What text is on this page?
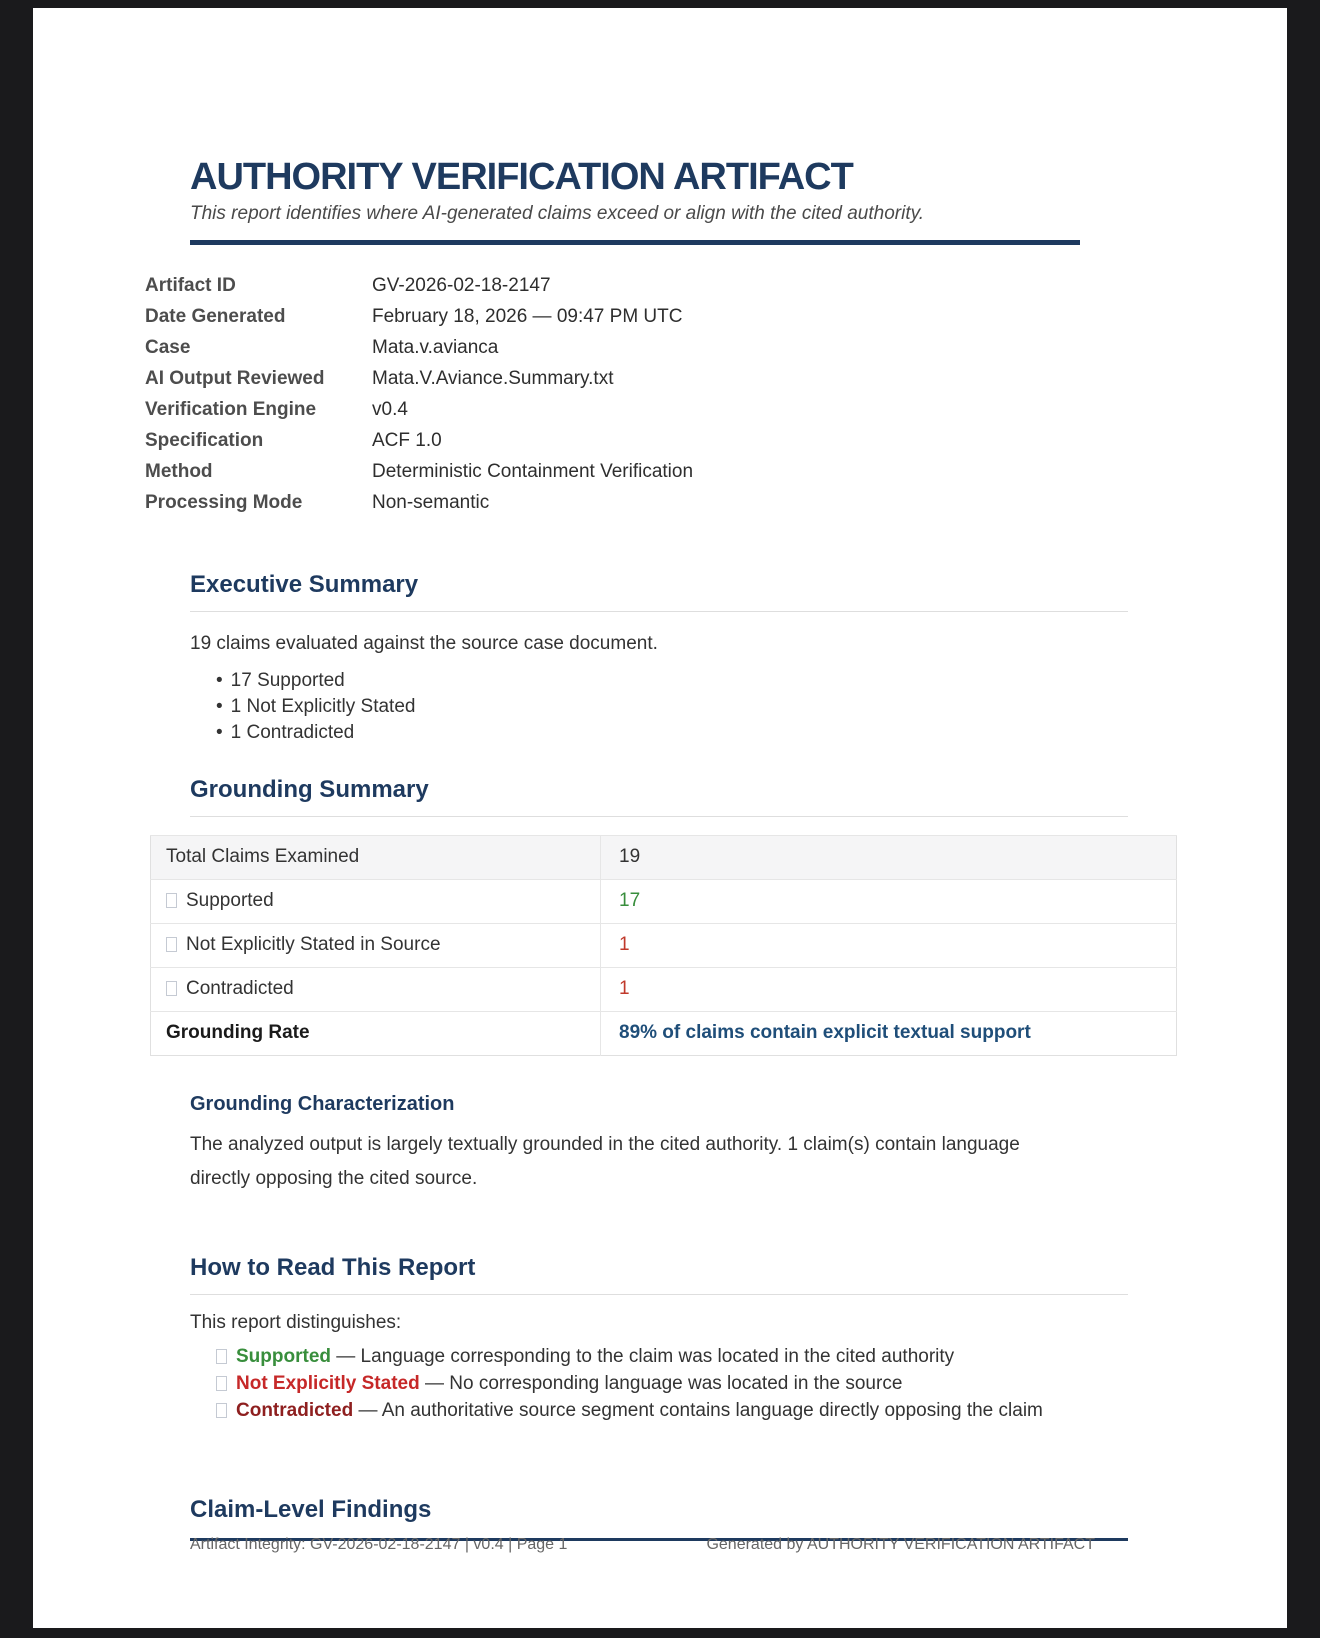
AUTHORITY VERIFICATION ARTIFACT
This report identifies where AI-generated claims exceed or align with the cited authority.
Artifact ID	GV-2026-02-18-2147
Date Generated	February 18, 2026 — 09:47 PM UTC
Case	Mata.v.avianca
AI Output Reviewed	Mata.V.Aviance.Summary.txt
Verification Engine	v0.4
Specification	ACF 1.0
Method	Deterministic Containment Verification
Processing Mode	Non-semantic
Executive Summary
19 claims evaluated against the source case document.
• 17 Supported
• 1 Not Explicitly Stated
• 1 Contradicted
Grounding Summary
Total Claims Examined	19
Supported	17
Not Explicitly Stated in Source	1
Contradicted	1
Grounding Rate	89% of claims contain explicit textual support
Grounding Characterization
The analyzed output is largely textually grounded in the cited authority. 1 claim(s) contain language directly opposing the cited source.
How to Read This Report
This report distinguishes:
Supported — Language corresponding to the claim was located in the cited authority
Not Explicitly Stated — No corresponding language was located in the source
Contradicted — An authoritative source segment contains language directly opposing the claim
Claim-Level Findings
Artifact Integrity: GV-2026-02-18-2147 | v0.4 | Page 1	Generated by AUTHORITY VERIFICATION ARTIFACT
